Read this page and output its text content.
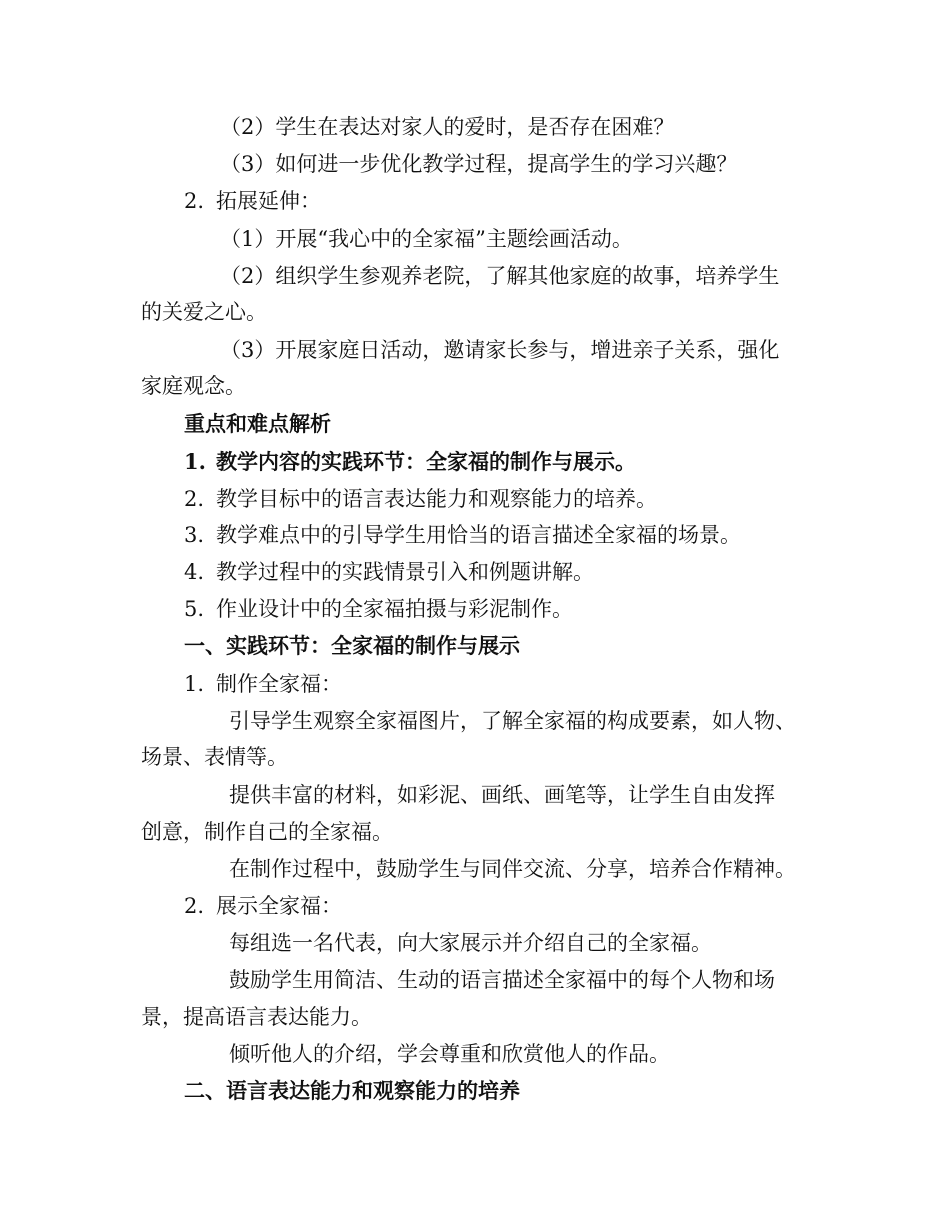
（2）学生在表达对家人的爱时，是否存在困难？
（3）如何进一步优化教学过程，提高学生的学习兴趣？
2. 拓展延伸：
（1）开展“我心中的全家福”主题绘画活动。
（2）组织学生参观养老院，了解其他家庭的故事，培养学生
的关爱之心。
（3）开展家庭日活动，邀请家长参与，增进亲子关系，强化
家庭观念。
重点和难点解析
1. 教学内容的实践环节：全家福的制作与展示。
2. 教学目标中的语言表达能力和观察能力的培养。
3. 教学难点中的引导学生用恰当的语言描述全家福的场景。
4. 教学过程中的实践情景引入和例题讲解。
5. 作业设计中的全家福拍摄与彩泥制作。
一、实践环节：全家福的制作与展示
1. 制作全家福：
引导学生观察全家福图片，了解全家福的构成要素，如人物、
场景、表情等。
提供丰富的材料，如彩泥、画纸、画笔等，让学生自由发挥
创意，制作自己的全家福。
在制作过程中，鼓励学生与同伴交流、分享，培养合作精神。
2. 展示全家福：
每组选一名代表，向大家展示并介绍自己的全家福。
鼓励学生用简洁、生动的语言描述全家福中的每个人物和场
景，提高语言表达能力。
倾听他人的介绍，学会尊重和欣赏他人的作品。
二、语言表达能力和观察能力的培养
